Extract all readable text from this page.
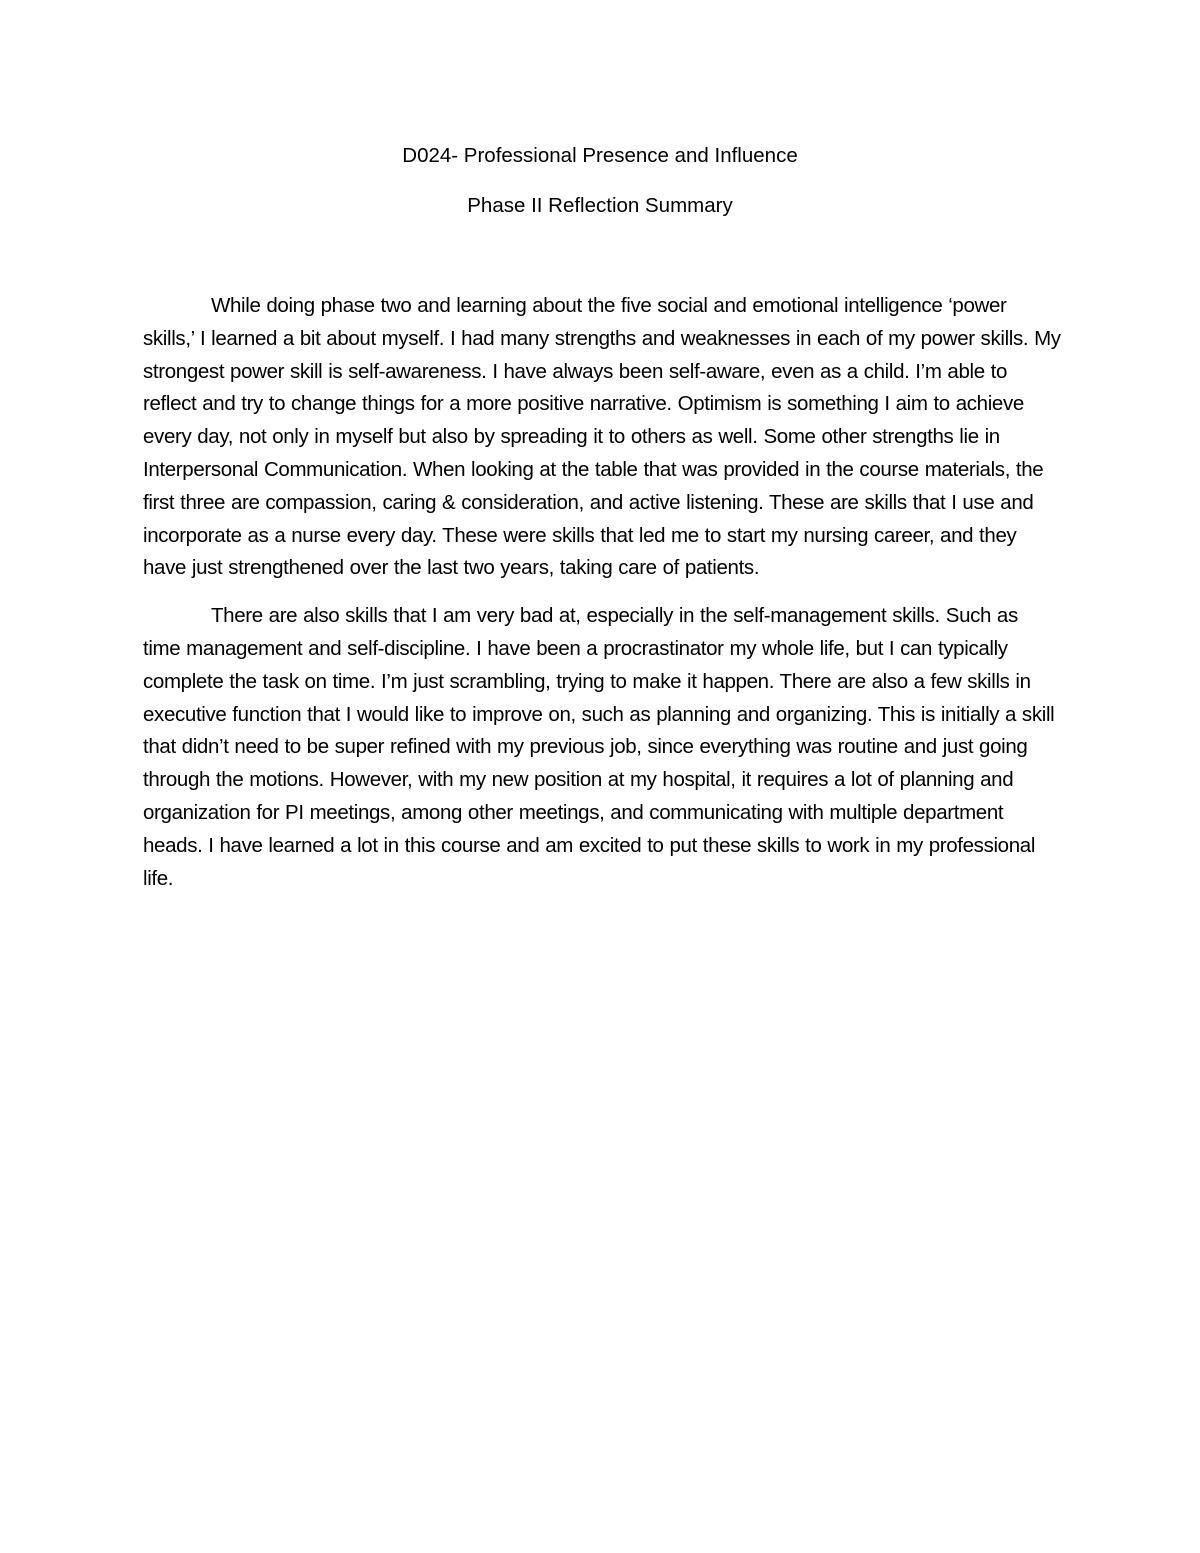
D024- Professional Presence and Influence

Phase II Reflection Summary

While doing phase two and learning about the five social and emotional intelligence ‘power skills,’ I learned a bit about myself. I had many strengths and weaknesses in each of my power skills. My strongest power skill is self-awareness. I have always been self-aware, even as a child. I’m able to reflect and try to change things for a more positive narrative. Optimism is something I aim to achieve every day, not only in myself but also by spreading it to others as well. Some other strengths lie in Interpersonal Communication. When looking at the table that was provided in the course materials, the first three are compassion, caring & consideration, and active listening. These are skills that I use and incorporate as a nurse every day. These were skills that led me to start my nursing career, and they have just strengthened over the last two years, taking care of patients.

There are also skills that I am very bad at, especially in the self-management skills. Such as time management and self-discipline. I have been a procrastinator my whole life, but I can typically complete the task on time. I’m just scrambling, trying to make it happen. There are also a few skills in executive function that I would like to improve on, such as planning and organizing. This is initially a skill that didn’t need to be super refined with my previous job, since everything was routine and just going through the motions. However, with my new position at my hospital, it requires a lot of planning and organization for PI meetings, among other meetings, and communicating with multiple department heads. I have learned a lot in this course and am excited to put these skills to work in my professional life.
